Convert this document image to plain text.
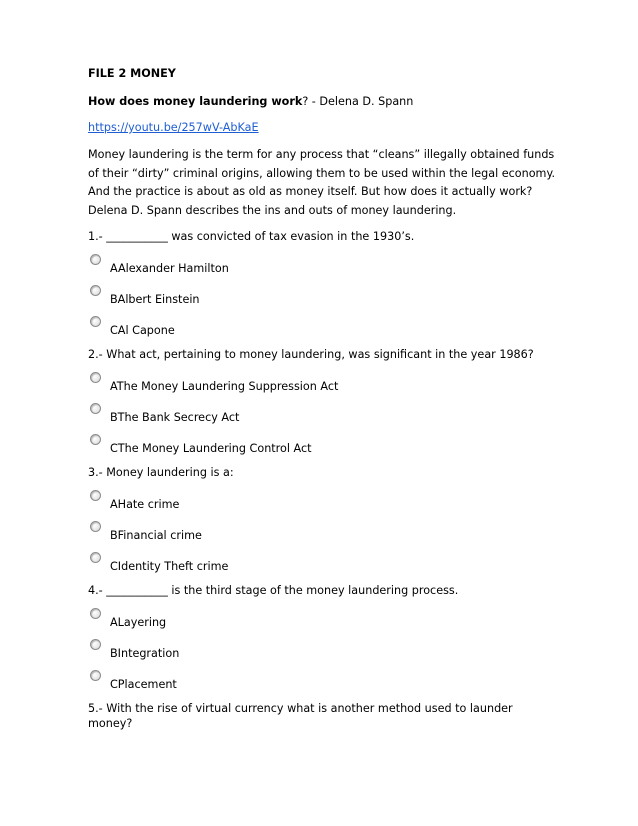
FILE 2 MONEY
How does money laundering work? - Delena D. Spann
https://youtu.be/257wV-AbKaE
Money laundering is the term for any process that “cleans” illegally obtained funds of their “dirty” criminal origins, allowing them to be used within the legal economy. And the practice is about as old as money itself. But how does it actually work? Delena D. Spann describes the ins and outs of money laundering.
1.- ___________ was convicted of tax evasion in the 1930’s.
AAlexander Hamilton
BAlbert Einstein
CAl Capone
2.- What act, pertaining to money laundering, was significant in the year 1986?
AThe Money Laundering Suppression Act
BThe Bank Secrecy Act
CThe Money Laundering Control Act
3.- Money laundering is a:
AHate crime
BFinancial crime
CIdentity Theft crime
4.- ___________ is the third stage of the money laundering process.
ALayering
BIntegration
CPlacement
5.- With the rise of virtual currency what is another method used to launder money?
